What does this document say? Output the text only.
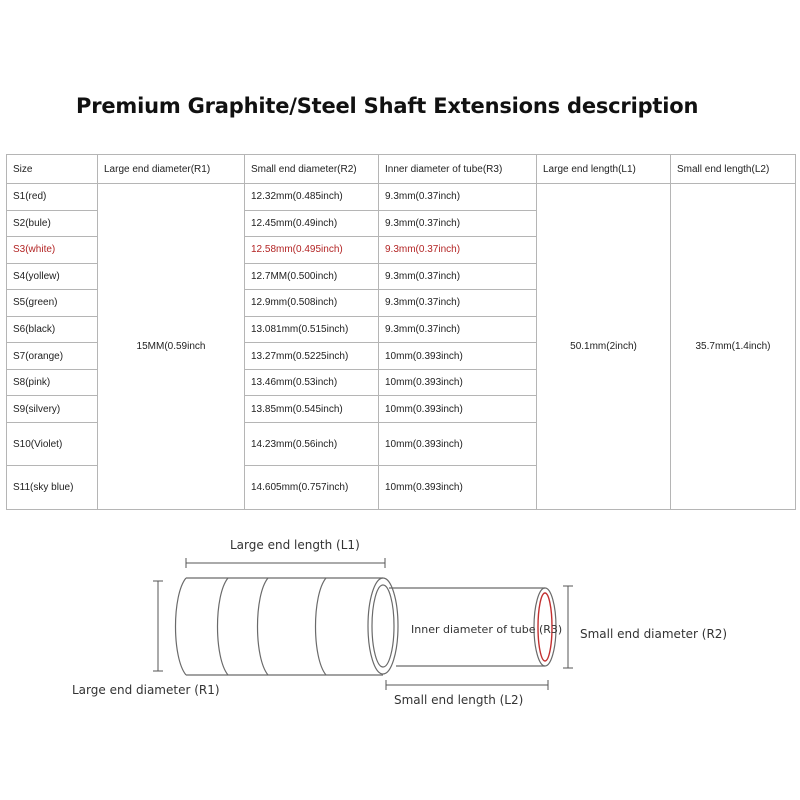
Premium Graphite/Steel Shaft Extensions description
Size	Large end diameter(R1)	Small end diameter(R2)	Inner diameter of tube(R3)	Large end length(L1)	Small end length(L2)
S1(red)	15MM(0.59inch	12.32mm(0.485inch)	9.3mm(0.37inch)	50.1mm(2inch)	35.7mm(1.4inch)
S2(bule)		12.45mm(0.49inch)	9.3mm(0.37inch)		
S3(white)		12.58mm(0.495inch)	9.3mm(0.37inch)		
S4(yollew)		12.7MM(0.500inch)	9.3mm(0.37inch)		
S5(green)		12.9mm(0.508inch)	9.3mm(0.37inch)		
S6(black)		13.081mm(0.515inch)	9.3mm(0.37inch)		
S7(orange)		13.27mm(0.5225inch)	10mm(0.393inch)		
S8(pink)		13.46mm(0.53inch)	10mm(0.393inch)		
S9(silvery)		13.85mm(0.545inch)	10mm(0.393inch)		
S10(Violet)		14.23mm(0.56inch)	10mm(0.393inch)		
S11(sky blue)		14.605mm(0.757inch)	10mm(0.393inch)		
Large end length (L1)
Large end diameter (R1)
Inner diameter of tube (R3) Small end diameter (R2)
Small end length (L2)
